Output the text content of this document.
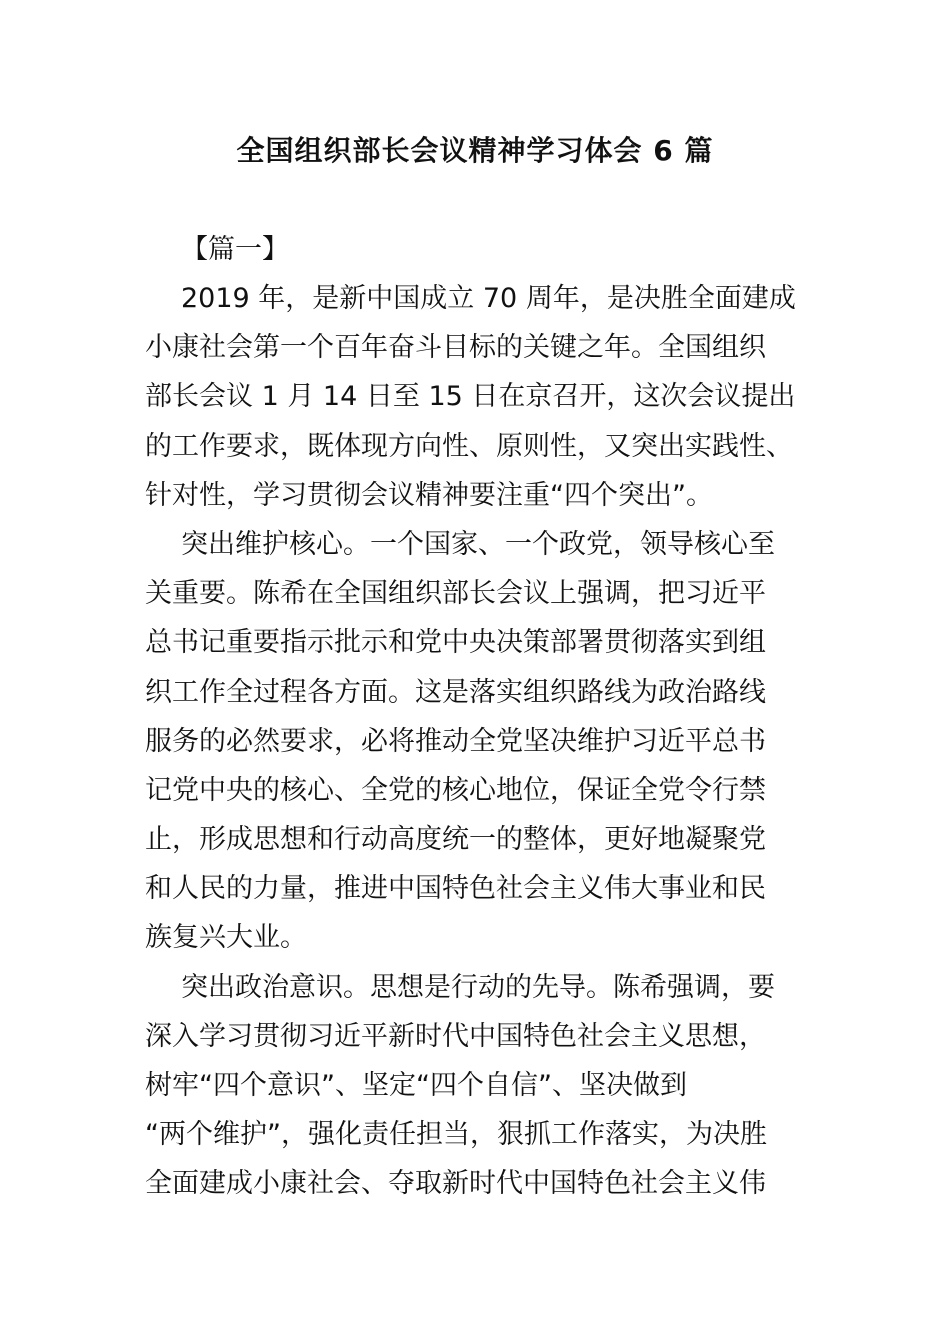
全国组织部长会议精神学习体会 6 篇
【篇一】

2019 年，是新中国成立 70 周年，是决胜全面建成
小康社会第一个百年奋斗目标的关键之年。全国组织
部长会议 1 月 14 日至 15 日在京召开，这次会议提出
的工作要求，既体现方向性、原则性，又突出实践性、
针对性，学习贯彻会议精神要注重“四个突出”。

突出维护核心。一个国家、一个政党，领导核心至
关重要。陈希在全国组织部长会议上强调，把习近平
总书记重要指示批示和党中央决策部署贯彻落实到组
织工作全过程各方面。这是落实组织路线为政治路线
服务的必然要求，必将推动全党坚决维护习近平总书
记党中央的核心、全党的核心地位，保证全党令行禁
止，形成思想和行动高度统一的整体，更好地凝聚党
和人民的力量，推进中国特色社会主义伟大事业和民
族复兴大业。

突出政治意识。思想是行动的先导。陈希强调，要
深入学习贯彻习近平新时代中国特色社会主义思想，
树牢“四个意识”、坚定“四个自信”、坚决做到
“两个维护”，强化责任担当，狠抓工作落实，为决胜
全面建成小康社会、夺取新时代中国特色社会主义伟
